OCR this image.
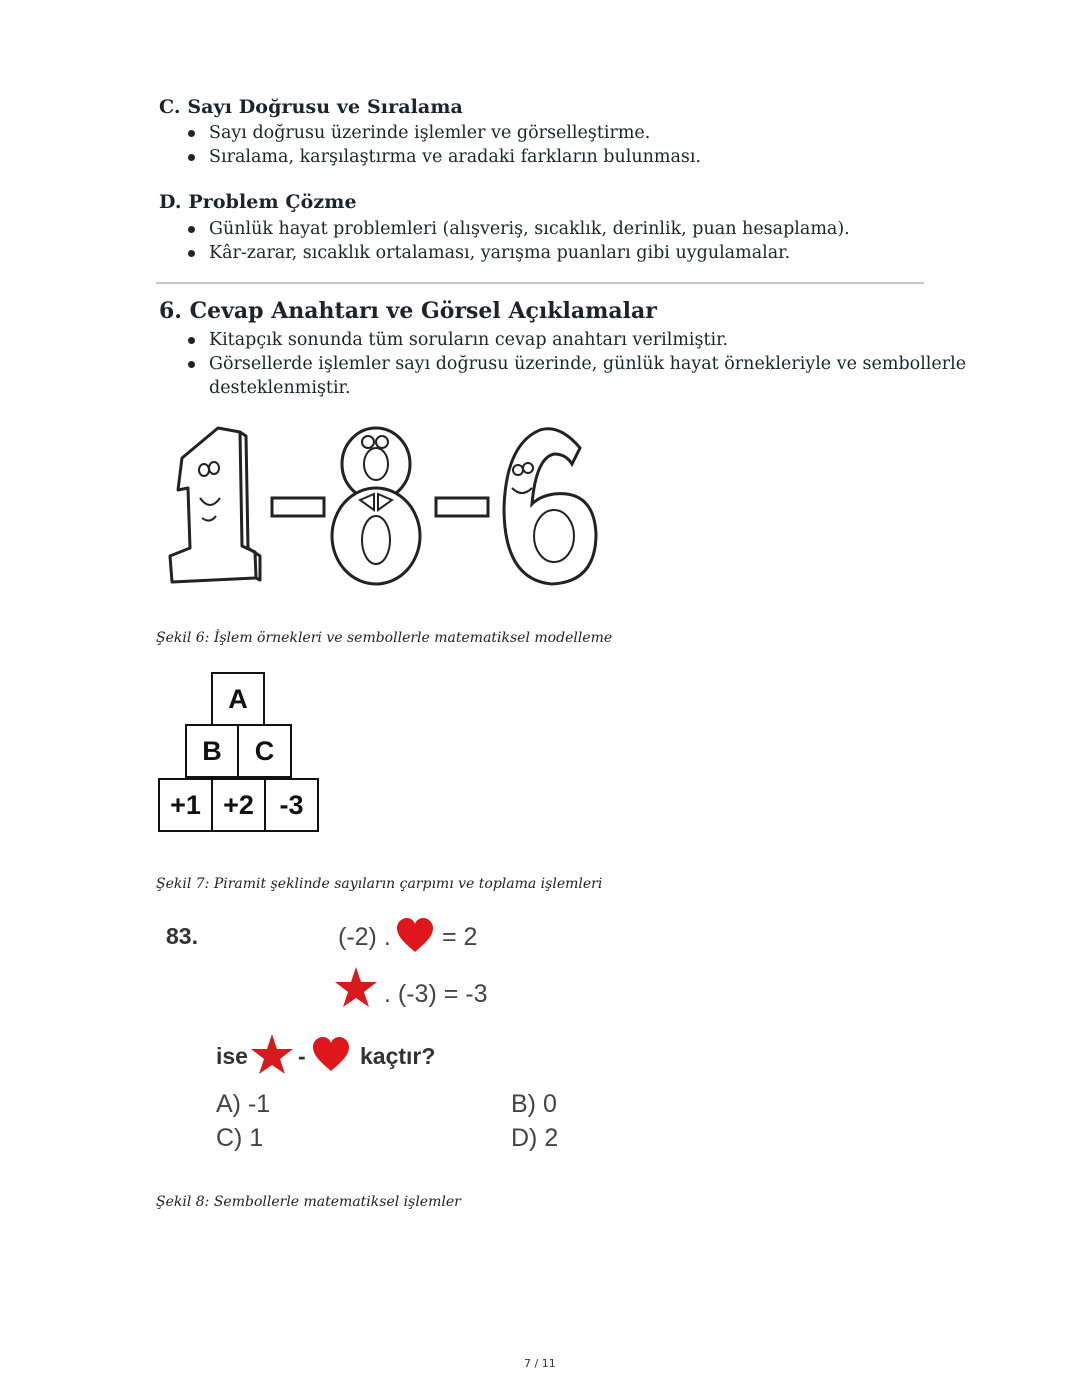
C. Sayı Doğrusu ve Sıralama
Sayı doğrusu üzerinde işlemler ve görselleştirme.
Sıralama, karşılaştırma ve aradaki farkların bulunması.
D. Problem Çözme
Günlük hayat problemleri (alışveriş, sıcaklık, derinlik, puan hesaplama).
Kâr-zarar, sıcaklık ortalaması, yarışma puanları gibi uygulamalar.
6. Cevap Anahtarı ve Görsel Açıklamalar
Kitapçık sonunda tüm soruların cevap anahtarı verilmiştir.
Görsellerde işlemler sayı doğrusu üzerinde, günlük hayat örnekleriyle ve sembollerle
desteklenmiştir.
Şekil 6: İşlem örnekleri ve sembollerle matematiksel modelleme
A
B	C
+1 +2 -3
Şekil 7: Piramit şeklinde sayıların çarpımı ve toplama işlemleri
83.	(-2) . = 2
. (-3) = -3
ise - kaçtır?
A) -1	B) 0
C) 1	D) 2
Şekil 8: Sembollerle matematiksel işlemler
7 / 11
